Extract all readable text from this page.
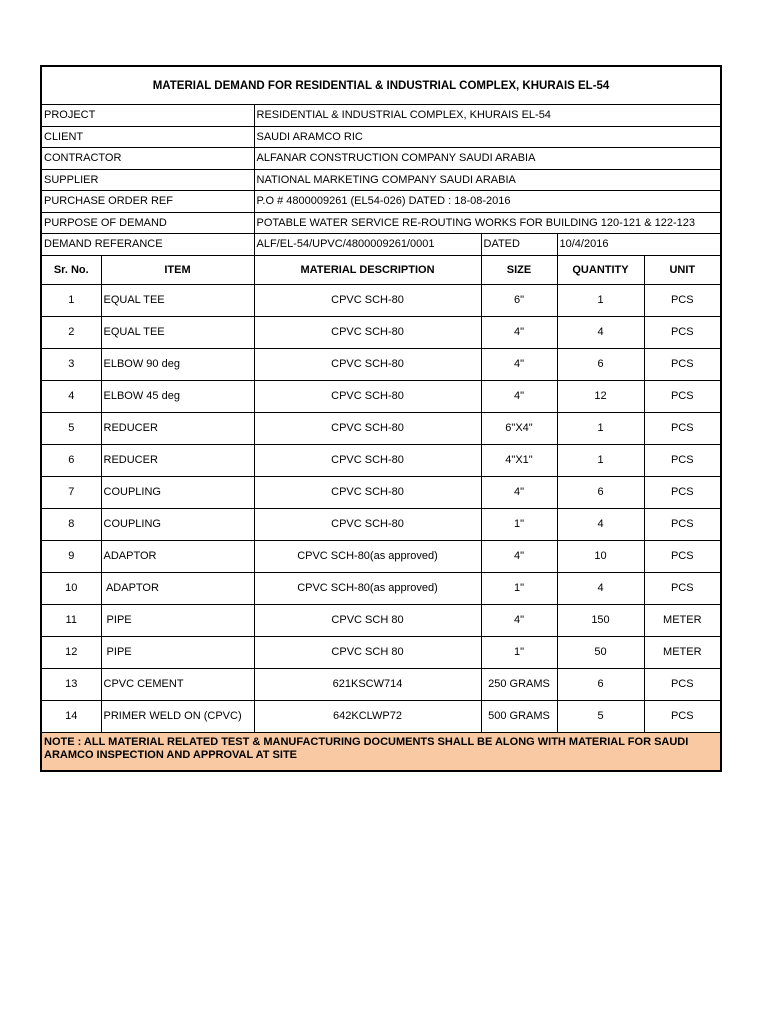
MATERIAL DEMAND FOR RESIDENTIAL & INDUSTRIAL COMPLEX, KHURAIS EL-54					
PROJECT		RESIDENTIAL & INDUSTRIAL COMPLEX, KHURAIS EL-54			
CLIENT		SAUDI ARAMCO RIC			
CONTRACTOR		ALFANAR CONSTRUCTION COMPANY SAUDI ARABIA			
SUPPLIER		NATIONAL MARKETING COMPANY SAUDI ARABIA			
PURCHASE ORDER REF		P.O # 4800009261 (EL54-026) DATED : 18-08-2016			
PURPOSE OF DEMAND		POTABLE WATER SERVICE RE-ROUTING WORKS FOR BUILDING 120-121 & 122-123			
DEMAND REFERANCE		ALF/EL-54/UPVC/4800009261/0001	DATED	10/4/2016	
Sr. No.	ITEM	MATERIAL DESCRIPTION	SIZE	QUANTITY	UNIT
1	EQUAL TEE	CPVC SCH-80	6"	1	PCS
2	EQUAL TEE	CPVC SCH-80	4"	4	PCS
3	ELBOW 90 deg	CPVC SCH-80	4"	6	PCS
4	ELBOW 45 deg	CPVC SCH-80	4"	12	PCS
5	REDUCER	CPVC SCH-80	6"X4"	1	PCS
6	REDUCER	CPVC SCH-80	4"X1"	1	PCS
7	COUPLING	CPVC SCH-80	4"	6	PCS
8	COUPLING	CPVC SCH-80	1"	4	PCS
9	ADAPTOR	CPVC SCH-80(as approved)	4"	10	PCS
10	ADAPTOR	CPVC SCH-80(as approved)	1"	4	PCS
11	PIPE	CPVC SCH 80	4"	150	METER
12	PIPE	CPVC SCH 80	1"	50	METER
13	CPVC CEMENT	621KSCW714	250 GRAMS	6	PCS
14	PRIMER WELD ON (CPVC)	642KCLWP72	500 GRAMS	5	PCS
NOTE : ALL MATERIAL RELATED TEST & MANUFACTURING DOCUMENTS SHALL BE ALONG WITH MATERIAL FOR SAUDI ARAMCO INSPECTION AND APPROVAL AT SITE					
